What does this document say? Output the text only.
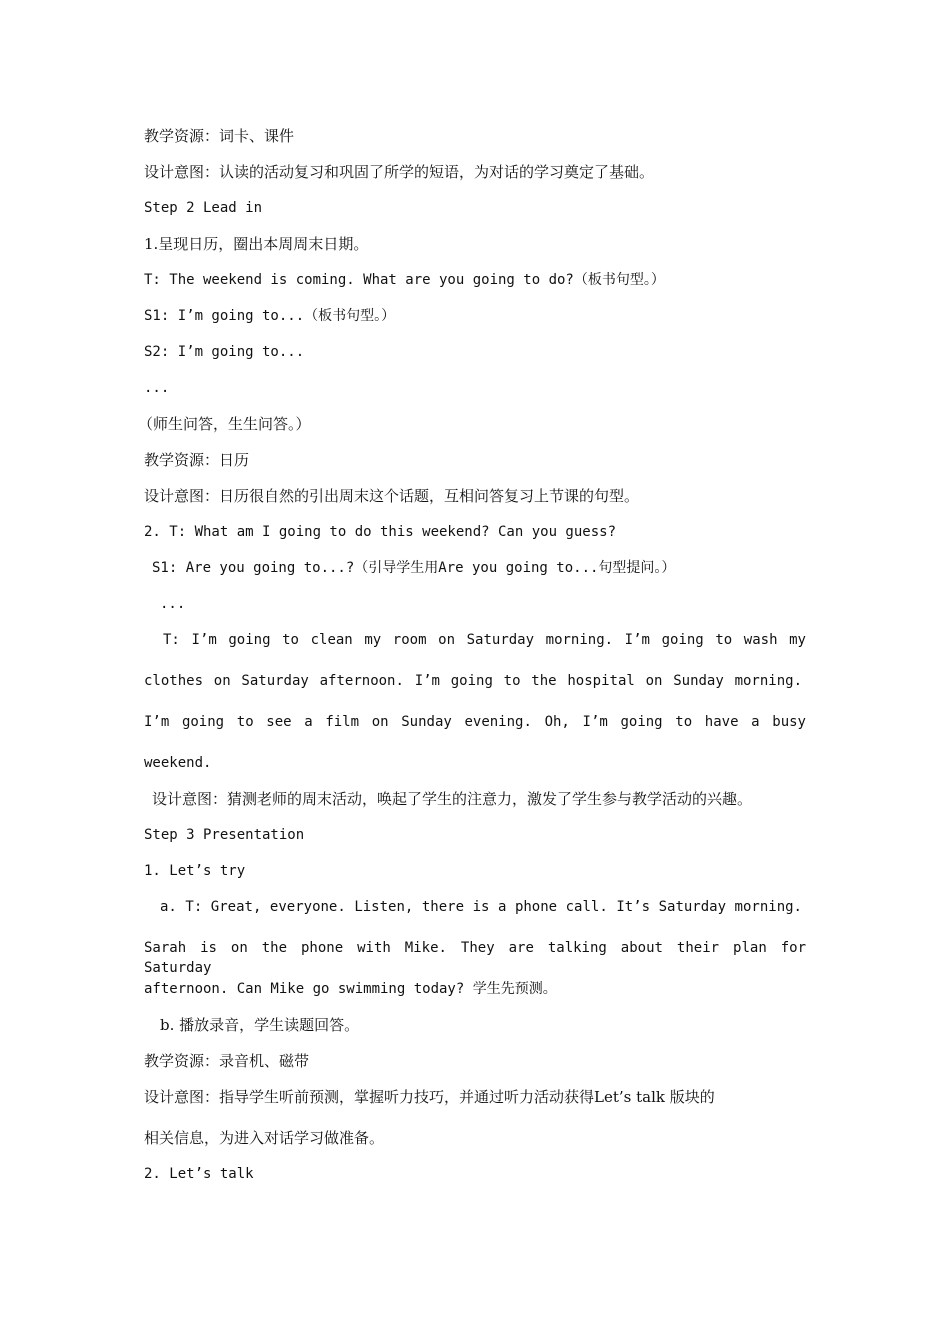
教学资源：词卡、课件
设计意图：认读的活动复习和巩固了所学的短语，为对话的学习奠定了基础。
Step 2 Lead in
1.呈现日历，圈出本周周末日期。
T: The weekend is coming. What are you going to do?（板书句型。）
S1: I’m going to...（板书句型。）
S2: I’m going to...
...
（师生问答，生生问答。）
教学资源：日历
设计意图：日历很自然的引出周末这个话题，互相问答复习上节课的句型。
2. T: What am I going to do this weekend? Can you guess?
S1: Are you going to...?（引导学生用Are you going to...句型提问。）
...
T: I’m going to clean my room on Saturday morning. I’m going to wash my
clothes on Saturday afternoon. I’m going to the hospital on Sunday morning.
I’m going to see a film on Sunday evening. Oh, I’m going to have a busy
weekend.
设计意图：猜测老师的周末活动，唤起了学生的注意力，激发了学生参与教学活动的兴趣。
Step 3 Presentation
1. Let’s try
a. T: Great, everyone. Listen, there is a phone call. It’s Saturday morning.
Sarah is on the phone with Mike. They are talking about their plan for Saturday
afternoon. Can Mike go swimming today? 学生先预测。
b. 播放录音，学生读题回答。
教学资源：录音机、磁带
设计意图：指导学生听前预测，掌握听力技巧，并通过听力活动获得Let’s talk 版块的
相关信息，为进入对话学习做准备。
2. Let’s talk
